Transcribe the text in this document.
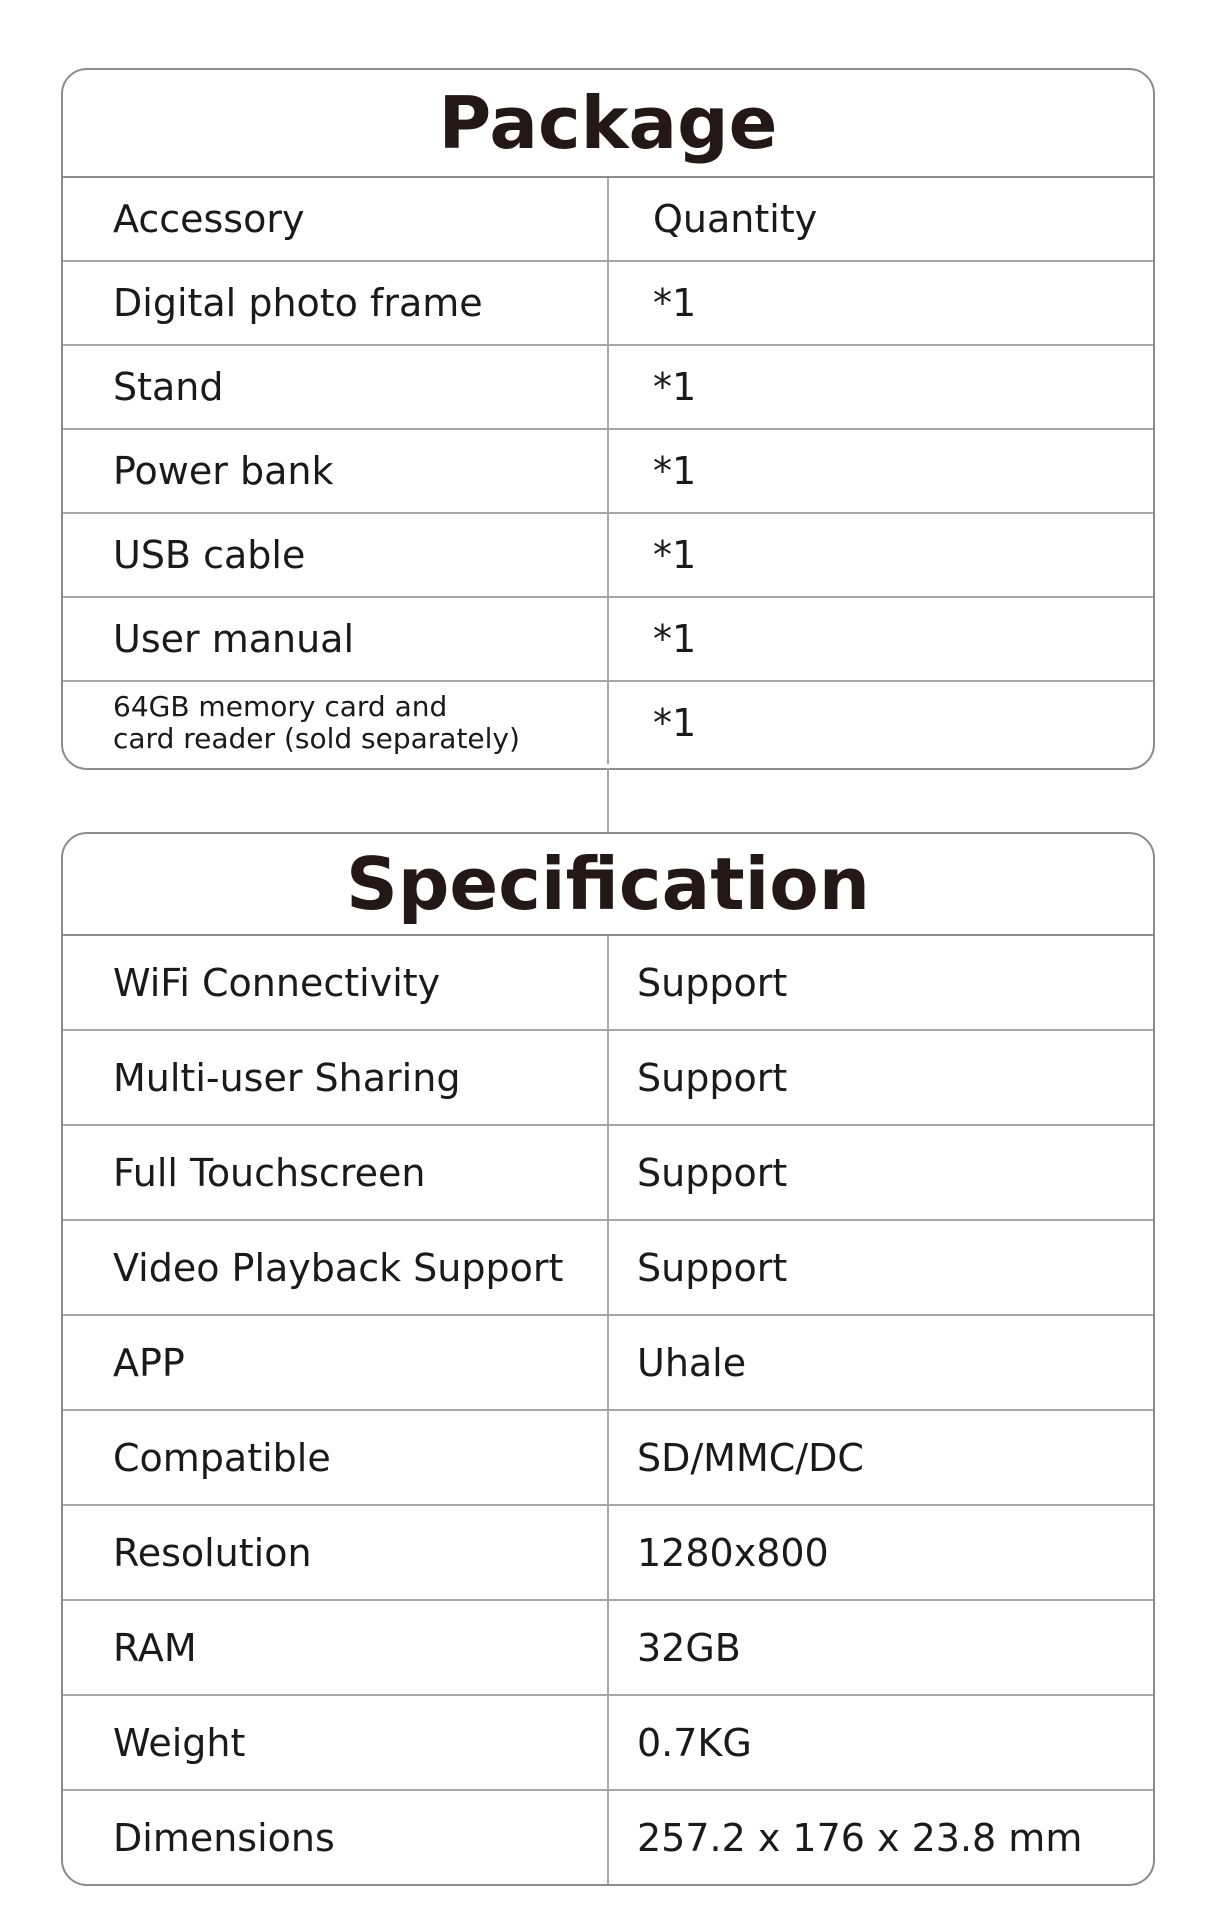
Package
Accessory	Quantity
Digital photo frame	*1
Stand	*1
Power bank	*1
USB cable	*1
User manual	*1
64GB memory card and
card reader (sold separately)	*1
Specification
WiFi Connectivity	Support
Multi-user Sharing	Support
Full Touchscreen	Support
Video Playback Support	Support
APP	Uhale
Compatible	SD/MMC/DC
Resolution	1280x800
RAM	32GB
Weight	0.7KG
Dimensions	257.2 x 176 x 23.8 mm
